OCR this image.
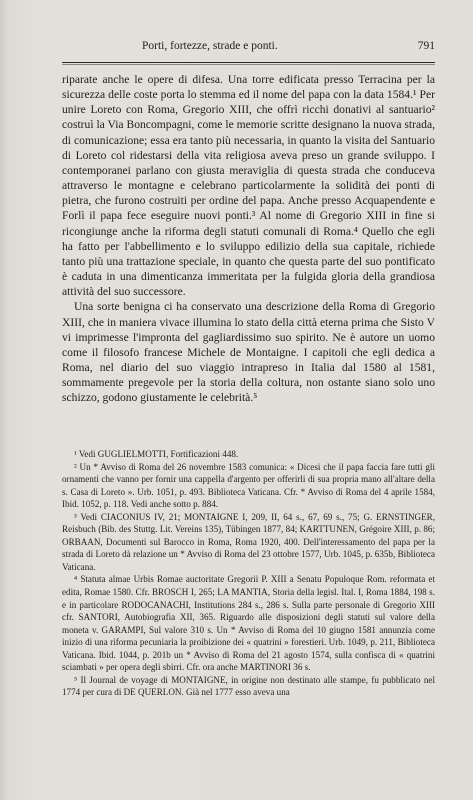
Porti, fortezze, strade e ponti.	791

riparate anche le opere di difesa. Una torre edificata presso Terracina per la sicurezza delle coste porta lo stemma ed il nome del papa con la data 1584.¹ Per unire Loreto con Roma, Gregorio XIII, che offrì ricchi donativi al santuario² costruì la Via Boncompagni, come le memorie scritte designano la nuova strada, di comunicazione; essa era tanto più necessaria, in quanto la visita del Santuario di Loreto col ridestarsi della vita religiosa aveva preso un grande sviluppo. I contemporanei parlano con giusta meraviglia di questa strada che conduceva attraverso le montagne e celebrano particolarmente la solidità dei ponti di pietra, che furono costruiti per ordine del papa. Anche presso Acquapendente e Forlì il papa fece eseguire nuovi ponti.³ Al nome di Gregorio XIII in fine si ricongiunge anche la riforma degli statuti comunali di Roma.⁴ Quello che egli ha fatto per l'abbellimento e lo sviluppo edilizio della sua capitale, richiede tanto più una trattazione speciale, in quanto che questa parte del suo pontificato è caduta in una dimenticanza immeritata per la fulgida gloria della grandiosa attività del suo successore.

Una sorte benigna ci ha conservato una descrizione della Roma di Gregorio XIII, che in maniera vivace illumina lo stato della città eterna prima che Sisto V vi imprimesse l'impronta del gagliardissimo suo spirito. Ne è autore un uomo come il filosofo francese Michele de Montaigne. I capitoli che egli dedica a Roma, nel diario del suo viaggio intrapreso in Italia dal 1580 al 1581, sommamente pregevole per la storia della coltura, non ostante siano solo uno schizzo, godono giustamente le celebrità.⁵

¹ Vedi GUGLIELMOTTI, Fortificazioni 448.

² Un * Avviso di Roma del 26 novembre 1583 comunica: « Dicesi che il papa faccia fare tutti gli ornamenti che vanno per fornir una cappella d'argento per offerirli di sua propria mano all'altare della s. Casa di Loreto ». Urb. 1051, p. 493. Biblioteca Vaticana. Cfr. * Avviso di Roma del 4 aprile 1584, Ibid. 1052, p. 118. Vedi anche sotto p. 884.

³ Vedi CIACONIUS IV, 21; MONTAIGNE I, 209, II, 64 s., 67, 69 s., 75; G. ERNSTINGER, Reisbuch (Bib. des Stuttg. Lit. Vereins 135), Tübingen 1877, 84; KARTTUNEN, Grégoire XIII, p. 86; ORBAAN, Documenti sul Barocco in Roma, Roma 1920, 400. Dell'interessamento del papa per la strada di Loreto dà relazione un * Avviso di Roma del 23 ottobre 1577, Urb. 1045, p. 635b, Biblioteca Vaticana.

⁴ Statuta almae Urbis Romae auctoritate Gregorii P. XIII a Senatu Populoque Rom. reformata et edita, Romae 1580. Cfr. BROSCH I, 265; LA MANTIA, Storia della legisl. Ital. I, Roma 1884, 198 s. e in particolare RODOCANACHI, Institutions 284 s., 286 s. Sulla parte personale di Gregorio XIII cfr. SANTORI, Autobiografia XII, 365. Riguardo alle disposizioni degli statuti sul valore della moneta v. GARAMPI, Sul valore 310 s. Un * Avviso di Roma del 10 giugno 1581 annunzia come inizio di una riforma pecuniaria la proibizione dei « quatrini » forestieri. Urb. 1049, p. 211, Biblioteca Vaticana. Ibid. 1044, p. 201b un * Avviso di Roma del 21 agosto 1574, sulla confisca di « quatrini sciambati » per opera degli sbirri. Cfr. ora anche MARTINORI 36 s.

⁵ Il Journal de voyage di MONTAIGNE, in origine non destinato alle stampe, fu pubblicato nel 1774 per cura di DE QUERLON. Già nel 1777 esso aveva una
